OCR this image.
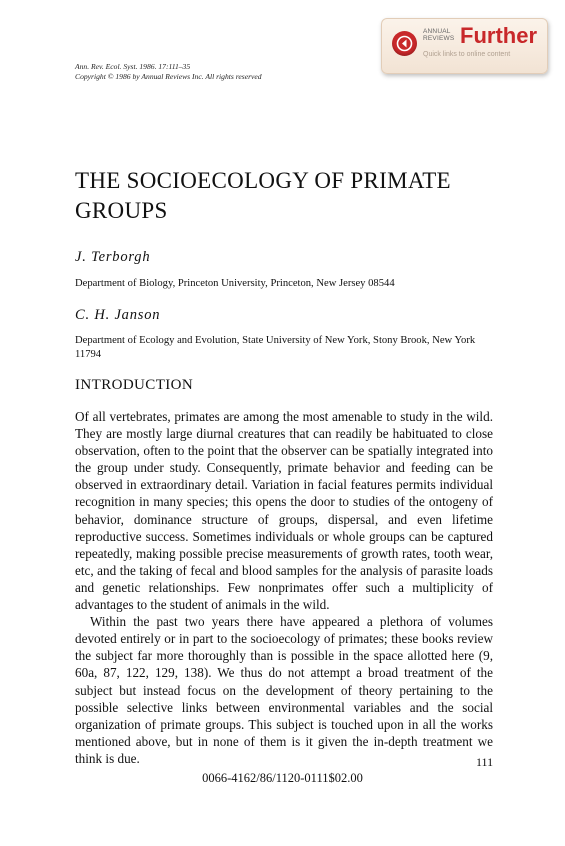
Ann. Rev. Ecol. Syst. 1986. 17:111–35
Copyright © 1986 by Annual Reviews Inc. All rights reserved
ANNUAL
REVIEWS Further
Quick links to online content
THE SOCIOECOLOGY OF PRIMATE GROUPS
J. Terborgh
Department of Biology, Princeton University, Princeton, New Jersey 08544
C. H. Janson
Department of Ecology and Evolution, State University of New York, Stony Brook, New York 11794
INTRODUCTION

Of all vertebrates, primates are among the most amenable to study in the wild. They are mostly large diurnal creatures that can readily be habituated to close observation, often to the point that the observer can be spatially integrated into the group under study. Consequently, primate behavior and feeding can be observed in extraordinary detail. Variation in facial features permits individual recognition in many species; this opens the door to studies of the ontogeny of behavior, dominance structure of groups, dispersal, and even lifetime reproductive success. Sometimes individuals or whole groups can be captured repeatedly, making possible precise measurements of growth rates, tooth wear, etc, and the taking of fecal and blood samples for the analysis of parasite loads and genetic relationships. Few nonprimates offer such a multiplicity of advantages to the student of animals in the wild.

Within the past two years there have appeared a plethora of volumes devoted entirely or in part to the socioecology of primates; these books review the subject far more thoroughly than is possible in the space allotted here (9, 60a, 87, 122, 129, 138). We thus do not attempt a broad treatment of the subject but instead focus on the development of theory pertaining to the possible selective links between environmental variables and the social organization of primate groups. This subject is touched upon in all the works mentioned above, but in none of them is it given the in-depth treatment we think is due.	111
0066-4162/86/1120-0111$02.00
